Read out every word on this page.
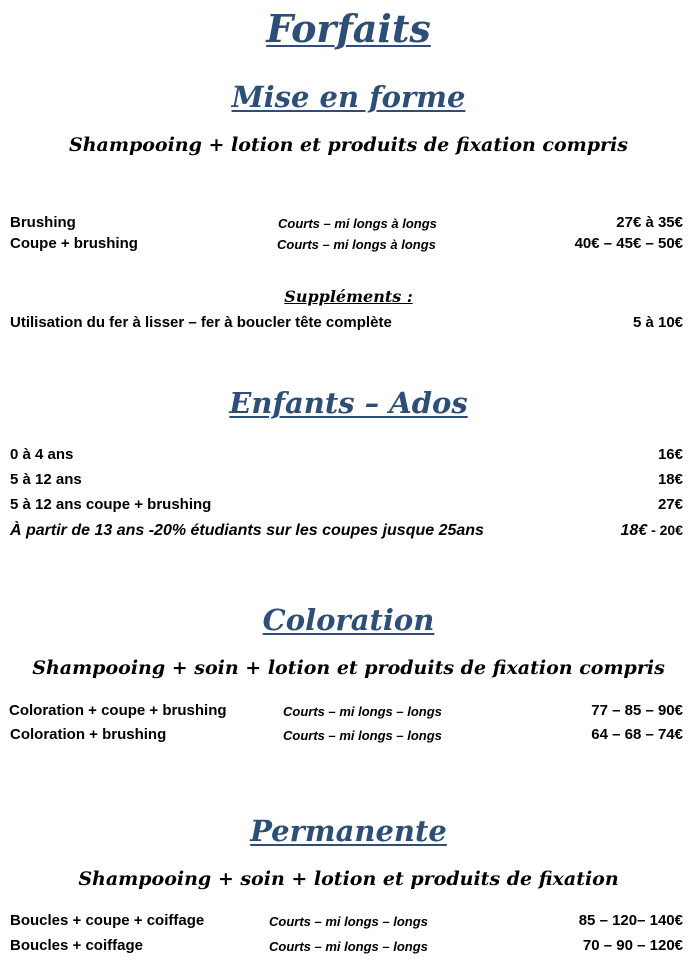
Forfaits
Mise en forme
Shampooing + lotion et produits de fixation compris
Brushing	Courts – mi longs à longs	27€ à 35€
Coupe + brushing	Courts – mi longs à longs	40€ – 45€ – 50€
Suppléments :
Utilisation du fer à lisser – fer à boucler tête complète	5 à 10€
Enfants – Ados
0 à 4 ans	16€
5 à 12 ans	18€
5 à 12 ans coupe + brushing	27€
À partir de 13 ans -20% étudiants sur les coupes jusque 25ans	18€ - 20€
Coloration
Shampooing + soin + lotion et produits de fixation compris
Coloration + coupe + brushing	Courts – mi longs – longs	77 – 85 – 90€
Coloration + brushing	Courts – mi longs – longs	64 – 68 – 74€
Permanente
Shampooing + soin + lotion et produits de fixation
Boucles + coupe + coiffage	Courts – mi longs – longs	85 – 120– 140€
Boucles + coiffage	Courts – mi longs – longs	70 – 90 – 120€
